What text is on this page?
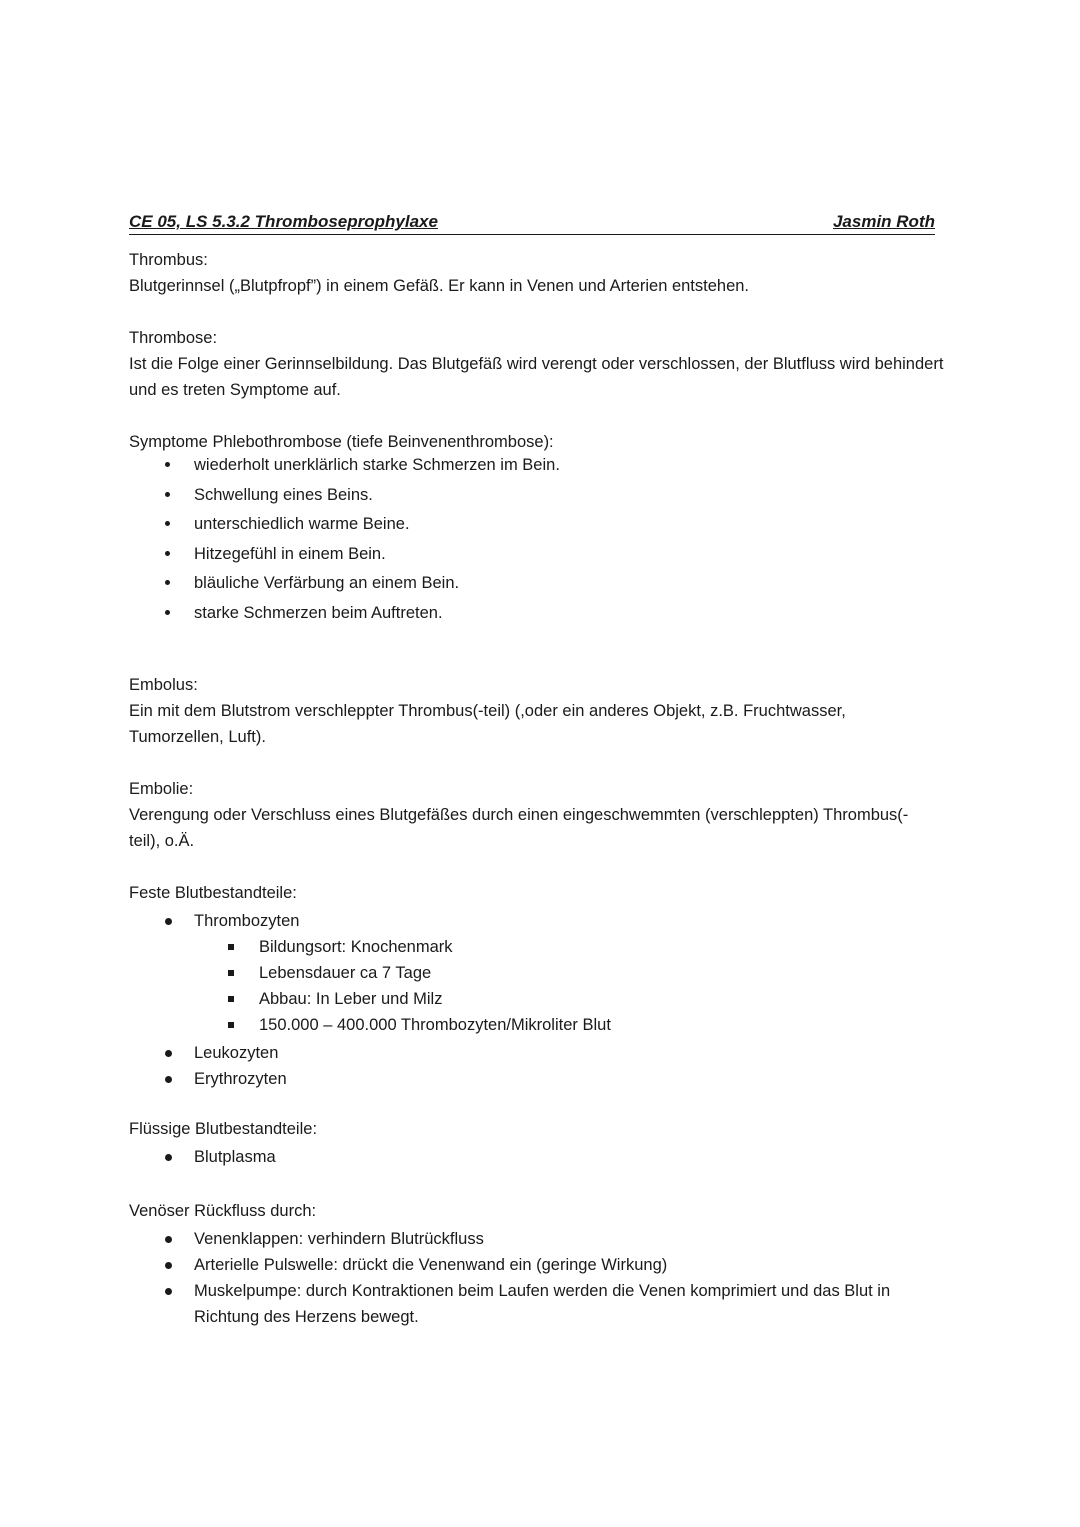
CE 05, LS 5.3.2 Thromboseprophylaxe	Jasmin Roth
Thrombus:
Blutgerinnsel („Blutpfropf”) in einem Gefäß. Er kann in Venen und Arterien entstehen.
Thrombose:
Ist die Folge einer Gerinnselbildung. Das Blutgefäß wird verengt oder verschlossen, der Blutfluss wird behindert und es treten Symptome auf.
Symptome Phlebothrombose (tiefe Beinvenenthrombose):
wiederholt unerklärlich starke Schmerzen im Bein.
Schwellung eines Beins.
unterschiedlich warme Beine.
Hitzegefühl in einem Bein.
bläuliche Verfärbung an einem Bein.
starke Schmerzen beim Auftreten.
Embolus:
Ein mit dem Blutstrom verschleppter Thrombus(-teil) (,oder ein anderes Objekt, z.B. Fruchtwasser, Tumorzellen, Luft).
Embolie:
Verengung oder Verschluss eines Blutgefäßes durch einen eingeschwemmten (verschleppten) Thrombus(-teil), o.Ä.
Feste Blutbestandteile:
Thrombozyten
Bildungsort: Knochenmark
Lebensdauer ca 7 Tage
Abbau: In Leber und Milz
150.000 – 400.000 Thrombozyten/Mikroliter Blut
Leukozyten
Erythrozyten
Flüssige Blutbestandteile:
Blutplasma
Venöser Rückfluss durch:
Venenklappen: verhindern Blutrückfluss
Arterielle Pulswelle: drückt die Venenwand ein (geringe Wirkung)
Muskelpumpe: durch Kontraktionen beim Laufen werden die Venen komprimiert und das Blut in Richtung des Herzens bewegt.
